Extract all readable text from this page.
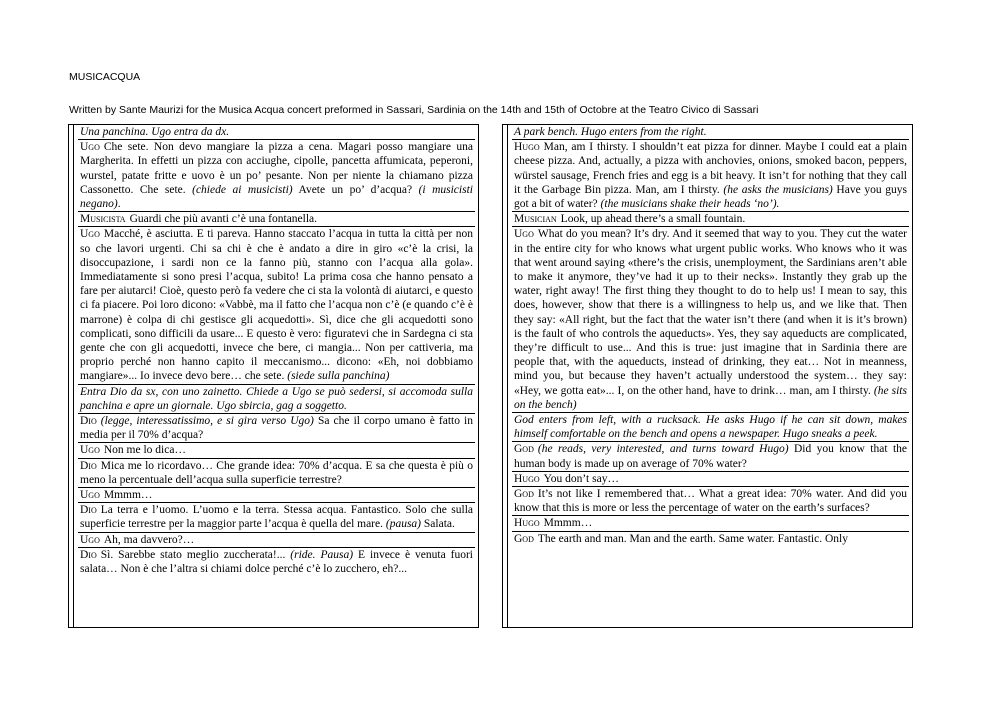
MUSICACQUA
Written by Sante Maurizi for the Musica Acqua concert preformed in Sassari, Sardinia on the 14th and 15th of Octobre at the Teatro Civico di Sassari
Una panchina. Ugo entra da dx.
Ugo Che sete. Non devo mangiare la pizza a cena. Magari posso mangiare una Margherita. In effetti un pizza con acciughe, cipolle, pancetta affumicata, peperoni, wurstel, patate fritte e uovo è un po’ pesante. Non per niente la chiamano pizza Cassonetto. Che sete. (chiede ai musicisti) Avete un po’ d’acqua? (i musicisti negano).
Musicista Guardi che più avanti c’è una fontanella.
Ugo Macché, è asciutta. E ti pareva. Hanno staccato l’acqua in tutta la città per non so che lavori urgenti. Chi sa chi è che è andato a dire in giro «c’è la crisi, la disoccupazione, i sardi non ce la fanno più, stanno con l’acqua alla gola». Immediatamente si sono presi l’acqua, subito! La prima cosa che hanno pensato a fare per aiutarci! Cioè, questo però fa vedere che ci sta la volontà di aiutarci, e questo ci fa piacere. Poi loro dicono: «Vabbè, ma il fatto che l’acqua non c’è (e quando c’è è marrone) è colpa di chi gestisce gli acquedotti». Sì, dice che gli acquedotti sono complicati, sono difficili da usare... E questo è vero: figuratevi che in Sardegna ci sta gente che con gli acquedotti, invece che bere, ci mangia... Non per cattiveria, ma proprio perché non hanno capito il meccanismo... dicono: «Eh, noi dobbiamo mangiare»... Io invece devo bere… che sete. (siede sulla panchina)
Entra Dio da sx, con uno zainetto. Chiede a Ugo se può sedersi, si accomoda sulla panchina e apre un giornale. Ugo sbircia, gag a soggetto.
Dio (legge, interessatissimo, e si gira verso Ugo) Sa che il corpo umano è fatto in media per il 70% d’acqua?
Ugo Non me lo dica…
Dio Mica me lo ricordavo… Che grande idea: 70% d’acqua. E sa che questa è più o meno la percentuale dell’acqua sulla superficie terrestre?
Ugo Mmmm…
Dio La terra e l’uomo. L’uomo e la terra. Stessa acqua. Fantastico. Solo che sulla superficie terrestre per la maggior parte l’acqua è quella del mare. (pausa) Salata.
Ugo Ah, ma davvero?…
Dio Sì. Sarebbe stato meglio zuccherata!... (ride. Pausa) E invece è venuta fuori salata… Non è che l’altra si chiami dolce perché c’è lo zucchero, eh?...
A park bench. Hugo enters from the right.
Hugo Man, am I thirsty. I shouldn’t eat pizza for dinner. Maybe I could eat a plain cheese pizza. And, actually, a pizza with anchovies, onions, smoked bacon, peppers, würstel sausage, French fries and egg is a bit heavy. It isn’t for nothing that they call it the Garbage Bin pizza. Man, am I thirsty. (he asks the musicians) Have you guys got a bit of water? (the musicians shake their heads ‘no’).
Musician Look, up ahead there’s a small fountain.
Ugo What do you mean? It’s dry. And it seemed that way to you. They cut the water in the entire city for who knows what urgent public works. Who knows who it was that went around saying «there’s the crisis, unemployment, the Sardinians aren’t able to make it anymore, they’ve had it up to their necks». Instantly they grab up the water, right away! The first thing they thought to do to help us! I mean to say, this does, however, show that there is a willingness to help us, and we like that. Then they say: «All right, but the fact that the water isn’t there (and when it is it’s brown) is the fault of who controls the aqueducts». Yes, they say aqueducts are complicated, they’re difficult to use... And this is true: just imagine that in Sardinia there are people that, with the aqueducts, instead of drinking, they eat… Not in meanness, mind you, but because they haven’t actually understood the system… they say: «Hey, we gotta eat»... I, on the other hand, have to drink… man, am I thirsty. (he sits on the bench)
God enters from left, with a rucksack. He asks Hugo if he can sit down, makes himself comfortable on the bench and opens a newspaper. Hugo sneaks a peek.
God (he reads, very interested, and turns toward Hugo) Did you know that the human body is made up on average of 70% water?
Hugo You don’t say…
God It’s not like I remembered that… What a great idea: 70% water. And did you know that this is more or less the percentage of water on the earth’s surfaces?
Hugo Mmmm…
God The earth and man. Man and the earth. Same water. Fantastic. Only
